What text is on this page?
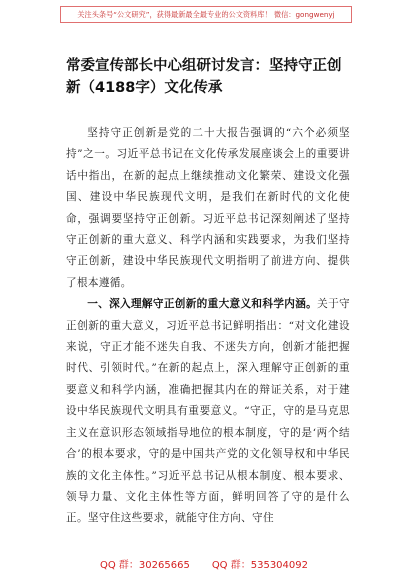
关注头条号“公文研究”，获得最新最全最专业的公文资料库！ 微信：gongwenyj
常委宣传部长中心组研讨发言：坚持守正创新（4188字）文化传承

坚持守正创新是党的二十大报告强调的“六个必须坚持”之一。习近平总书记在文化传承发展座谈会上的重要讲话中指出，在新的起点上继续推动文化繁荣、建设文化强国、建设中华民族现代文明，是我们在新时代的文化使命，强调要坚持守正创新。习近平总书记深刻阐述了坚持守正创新的重大意义、科学内涵和实践要求，为我们坚持守正创新，建设中华民族现代文明指明了前进方向、提供了根本遵循。

一、深入理解守正创新的重大意义和科学内涵。关于守正创新的重大意义，习近平总书记鲜明指出：“对文化建设来说，守正才能不迷失自我、不迷失方向，创新才能把握时代、引领时代。”在新的起点上，深入理解守正创新的重要意义和科学内涵，准确把握其内在的辩证关系，对于建设中华民族现代文明具有重要意义。“守正，守的是马克思主义在意识形态领域指导地位的根本制度，守的是‘两个结合’的根本要求，守的是中国共产党的文化领导权和中华民族的文化主体性。”习近平总书记从根本制度、根本要求、领导力量、文化主体性等方面，鲜明回答了守的是什么正。坚守住这些要求，就能守住方向、守住

QQ 群：30265665 QQ 群：535304092
